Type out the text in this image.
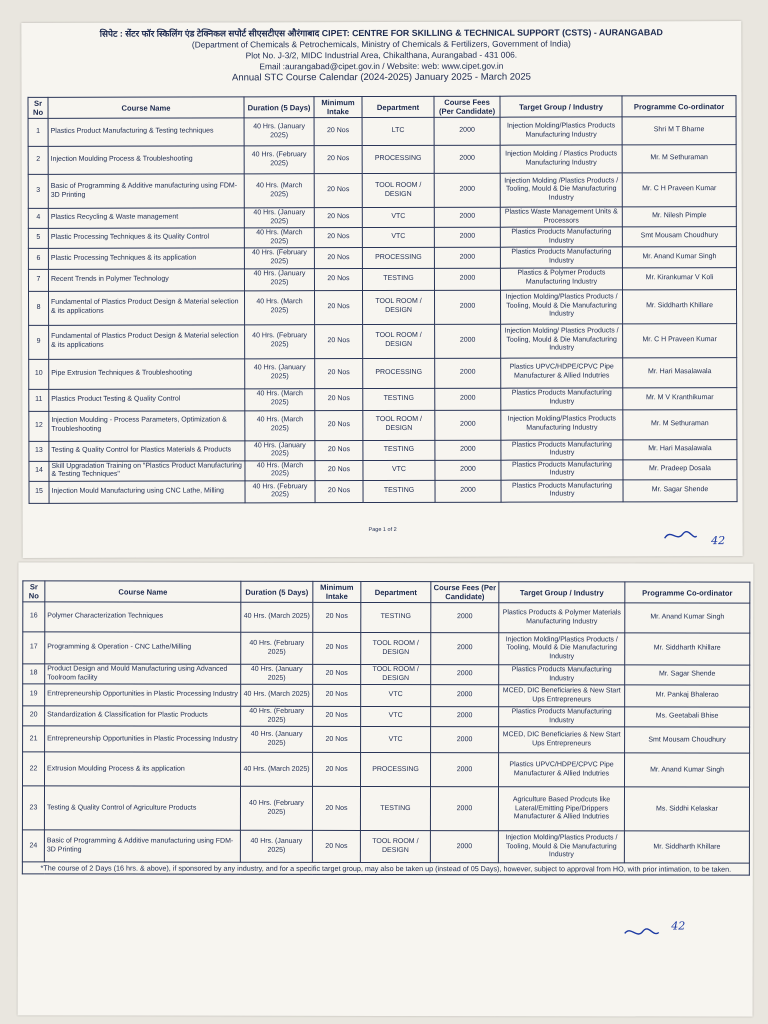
सिपेट : सेंटर फॉर स्किलिंग एंड टेक्निकल सपोर्ट सीएसटीएस औरंगाबाद CIPET: CENTRE FOR SKILLING & TECHNICAL SUPPORT (CSTS) - AURANGABAD
(Department of Chemicals & Petrochemicals, Ministry of Chemicals & Fertilizers, Government of India)
Plot No. J-3/2, MIDC Industrial Area, Chikalthana, Aurangabad - 431 006.
Email :aurangabad@cipet.gov.in / Website: web: www.cipet.gov.in
Annual STC Course Calendar (2024-2025) January 2025 - March 2025
Sr No	Course Name	Duration (5 Days)	Minimum Intake	Department	Course Fees (Per Candidate)	Target Group / Industry	Programme Co-ordinator
1	Plastics Product Manufacturing & Testing techniques	40 Hrs. (January 2025)	20 Nos	LTC	2000	Injection Molding/Plastics Products Manufacturing Industry	Shri M T Bharne
2	Injection Moulding Process & Troubleshooting	40 Hrs. (February 2025)	20 Nos	PROCESSING	2000	Injection Molding / Plastics Products Manufacturing Industry	Mr. M Sethuraman
3	Basic of Programming & Additive manufacturing using FDM-3D Printing	40 Hrs. (March 2025)	20 Nos	TOOL ROOM / DESIGN	2000	Injection Molding /Plastics Products / Tooling, Mould & Die Manufacturing Industry	Mr. C H Praveen Kumar
4	Plastics Recycling & Waste management	40 Hrs. (January 2025)	20 Nos	VTC	2000	Plastics Waste Management Units & Processors	Mr. Nilesh Pimple
5	Plastic Processing Techniques & its Quality Control	40 Hrs. (March 2025)	20 Nos	VTC	2000	Plastics Products Manufacturing Industry	Smt Mousam Choudhury
6	Plastic Processing Techniques & its application	40 Hrs. (February 2025)	20 Nos	PROCESSING	2000	Plastics Products Manufacturing Industry	Mr. Anand Kumar Singh
7	Recent Trends in Polymer Technology	40 Hrs. (January 2025)	20 Nos	TESTING	2000	Plastics & Polymer Products Manufacturing Industry	Mr. Kirankumar V Koli
8	Fundamental of Plastics Product Design & Material selection & its applications	40 Hrs. (March 2025)	20 Nos	TOOL ROOM / DESIGN	2000	Injection Molding/Plastics Products / Tooling, Mould & Die Manufacturing Industry	Mr. Siddharth Khillare
9	Fundamental of Plastics Product Design & Material selection & its applications	40 Hrs. (February 2025)	20 Nos	TOOL ROOM / DESIGN	2000	Injection Molding/ Plastics Products / Tooling, Mould & Die Manufacturing Industry	Mr. C H Praveen Kumar
10	Pipe Extrusion Techniques & Troubleshooting	40 Hrs. (January 2025)	20 Nos	PROCESSING	2000	Plastics UPVC/HDPE/CPVC Pipe Manufacturer & Allied Indutries	Mr. Hari Masalawala
11	Plastics Product Testing & Quality Control	40 Hrs. (March 2025)	20 Nos	TESTING	2000	Plastics Products Manufacturing Industry	Mr. M V Kranthikumar
12	Injection Moulding - Process Parameters, Optimization & Troubleshooting	40 Hrs. (March 2025)	20 Nos	TOOL ROOM / DESIGN	2000	Injection Molding/Plastics Products Manufacturing Industry	Mr. M Sethuraman
13	Testing & Quality Control for Plastics Materials & Products	40 Hrs. (January 2025)	20 Nos	TESTING	2000	Plastics Products Manufacturing Industry	Mr. Hari Masalawala
14	Skill Upgradation Training on "Plastics Product Manufacturing & Testing Techniques"	40 Hrs. (March 2025)	20 Nos	VTC	2000	Plastics Products Manufacturing Industry	Mr. Pradeep Dosala
15	Injection Mould Manufacturing using CNC Lathe, Milling	40 Hrs. (February 2025)	20 Nos	TESTING	2000	Plastics Products Manufacturing Industry	Mr. Sagar Shende
Page 1 of 2
42
Sr No	Course Name	Duration (5 Days)	Minimum Intake	Department	Course Fees (Per Candidate)	Target Group / Industry	Programme Co-ordinator
16	Polymer Characterization Techniques	40 Hrs. (March 2025)	20 Nos	TESTING	2000	Plastics Products & Polymer Materials Manufacturing Industry	Mr. Anand Kumar Singh
17	Programming & Operation - CNC Lathe/Milling	40 Hrs. (February 2025)	20 Nos	TOOL ROOM / DESIGN	2000	Injection Molding/Plastics Products / Tooling, Mould & Die Manufacturing Industry	Mr. Siddharth Khillare
18	Product Design and Mould Manufacturing using Advanced Toolroom facility	40 Hrs. (January 2025)	20 Nos	TOOL ROOM / DESIGN	2000	Plastics Products Manufacturing Industry	Mr. Sagar Shende
19	Entrepreneurship Opportunities in Plastic Processing Industry	40 Hrs. (March 2025)	20 Nos	VTC	2000	MCED, DIC Beneficiaries & New Start Ups Entrepreneurs	Mr. Pankaj Bhalerao
20	Standardization & Classification for Plastic Products	40 Hrs. (February 2025)	20 Nos	VTC	2000	Plastics Products Manufacturing Industry	Ms. Geetabali Bhise
21	Entrepreneurship Opportunities in Plastic Processing Industry	40 Hrs. (January 2025)	20 Nos	VTC	2000	MCED, DIC Beneficiaries & New Start Ups Entrepreneurs	Smt Mousam Choudhury
22	Extrusion Moulding Process & its application	40 Hrs. (March 2025)	20 Nos	PROCESSING	2000	Plastics UPVC/HDPE/CPVC Pipe Manufacturer & Allied Indutries	Mr. Anand Kumar Singh
23	Testing & Quality Control of Agriculture Products	40 Hrs. (February 2025)	20 Nos	TESTING	2000	Agriculture Based Prodcuts like Lateral/Emitting Pipe/Drippers Manufacturer & Allied Indutries	Ms. Siddhi Kelaskar
24	Basic of Programming & Additive manufacturing using FDM-3D Printing	40 Hrs. (January 2025)	20 Nos	TOOL ROOM / DESIGN	2000	Injection Molding/Plastics Products / Tooling, Mould & Die Manufacturing Industry	Mr. Siddharth Khillare
*The course of 2 Days (16 hrs. & above), if sponsored by any industry, and for a specific target group, may also be taken up (instead of 05 Days), however, subject to approval from HO, with prior intimation, to be taken.							
$^{42}$
